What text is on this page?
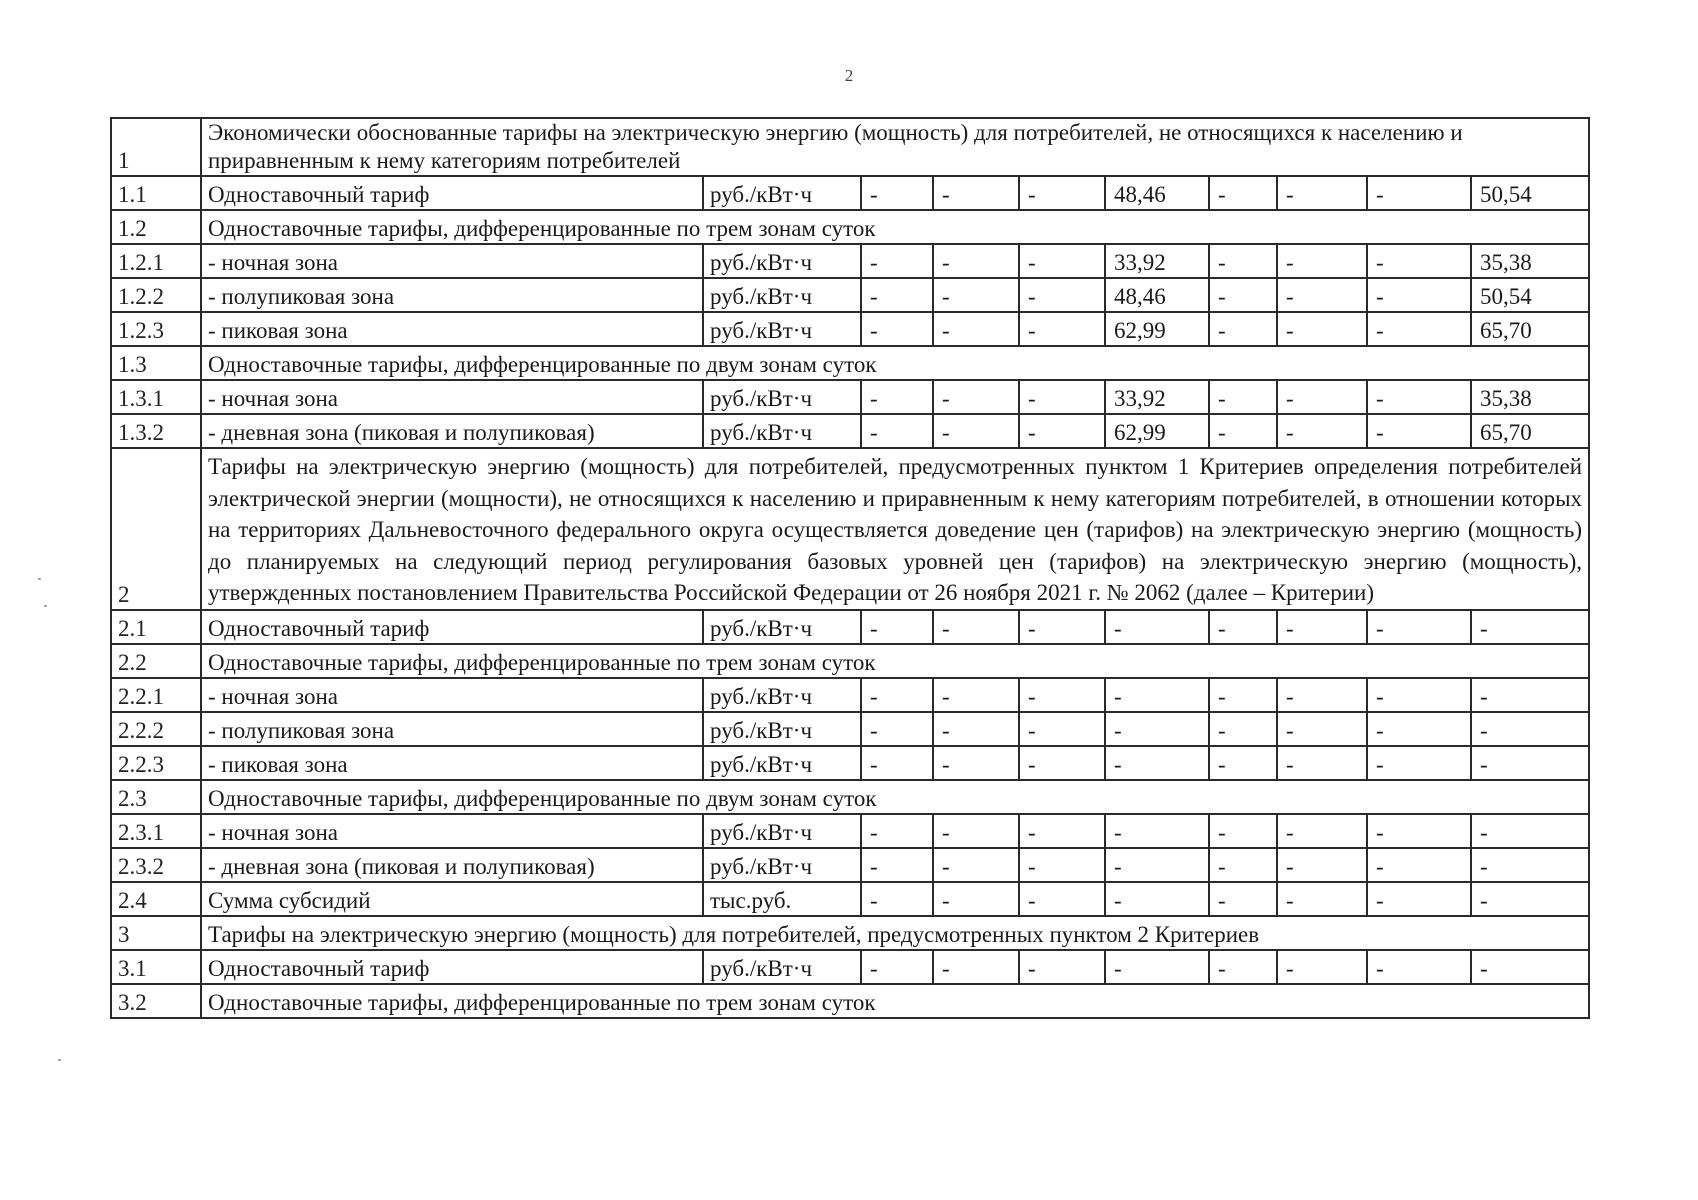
2
1	Экономически обоснованные тарифы на электрическую энергию (мощность) для потребителей, не относящихся к населению и приравненным к нему категориям потребителей									
1.1	Одноставочный тариф	руб./кВт·ч	-	-	-	48,46	-	-	-	50,54
1.2	Одноставочные тарифы, дифференцированные по трем зонам суток									
1.2.1	- ночная зона	руб./кВт·ч	-	-	-	33,92	-	-	-	35,38
1.2.2	- полупиковая зона	руб./кВт·ч	-	-	-	48,46	-	-	-	50,54
1.2.3	- пиковая зона	руб./кВт·ч	-	-	-	62,99	-	-	-	65,70
1.3	Одноставочные тарифы, дифференцированные по двум зонам суток									
1.3.1	- ночная зона	руб./кВт·ч	-	-	-	33,92	-	-	-	35,38
1.3.2	- дневная зона (пиковая и полупиковая)	руб./кВт·ч	-	-	-	62,99	-	-	-	65,70
2	Тарифы на электрическую энергию (мощность) для потребителей, предусмотренных пунктом 1 Критериев определения потребителей электрической энергии (мощности), не относящихся к населению и приравненным к нему категориям потребителей, в отношении которых на территориях Дальневосточного федерального округа осуществляется доведение цен (тарифов) на электрическую энергию (мощность) до планируемых на следующий период регулирования базовых уровней цен (тарифов) на электрическую энергию (мощность), утвержденных постановлением Правительства Российской Федерации от 26 ноября 2021 г. № 2062 (далее – Критерии)									
2.1	Одноставочный тариф	руб./кВт·ч	-	-	-	-	-	-	-	-
2.2	Одноставочные тарифы, дифференцированные по трем зонам суток									
2.2.1	- ночная зона	руб./кВт·ч	-	-	-	-	-	-	-	-
2.2.2	- полупиковая зона	руб./кВт·ч	-	-	-	-	-	-	-	-
2.2.3	- пиковая зона	руб./кВт·ч	-	-	-	-	-	-	-	-
2.3	Одноставочные тарифы, дифференцированные по двум зонам суток									
2.3.1	- ночная зона	руб./кВт·ч	-	-	-	-	-	-	-	-
2.3.2	- дневная зона (пиковая и полупиковая)	руб./кВт·ч	-	-	-	-	-	-	-	-
2.4	Сумма субсидий	тыс.руб.	-	-	-	-	-	-	-	-
3	Тарифы на электрическую энергию (мощность) для потребителей, предусмотренных пунктом 2 Критериев									
3.1	Одноставочный тариф	руб./кВт·ч	-	-	-	-	-	-	-	-
3.2	Одноставочные тарифы, дифференцированные по трем зонам суток									
